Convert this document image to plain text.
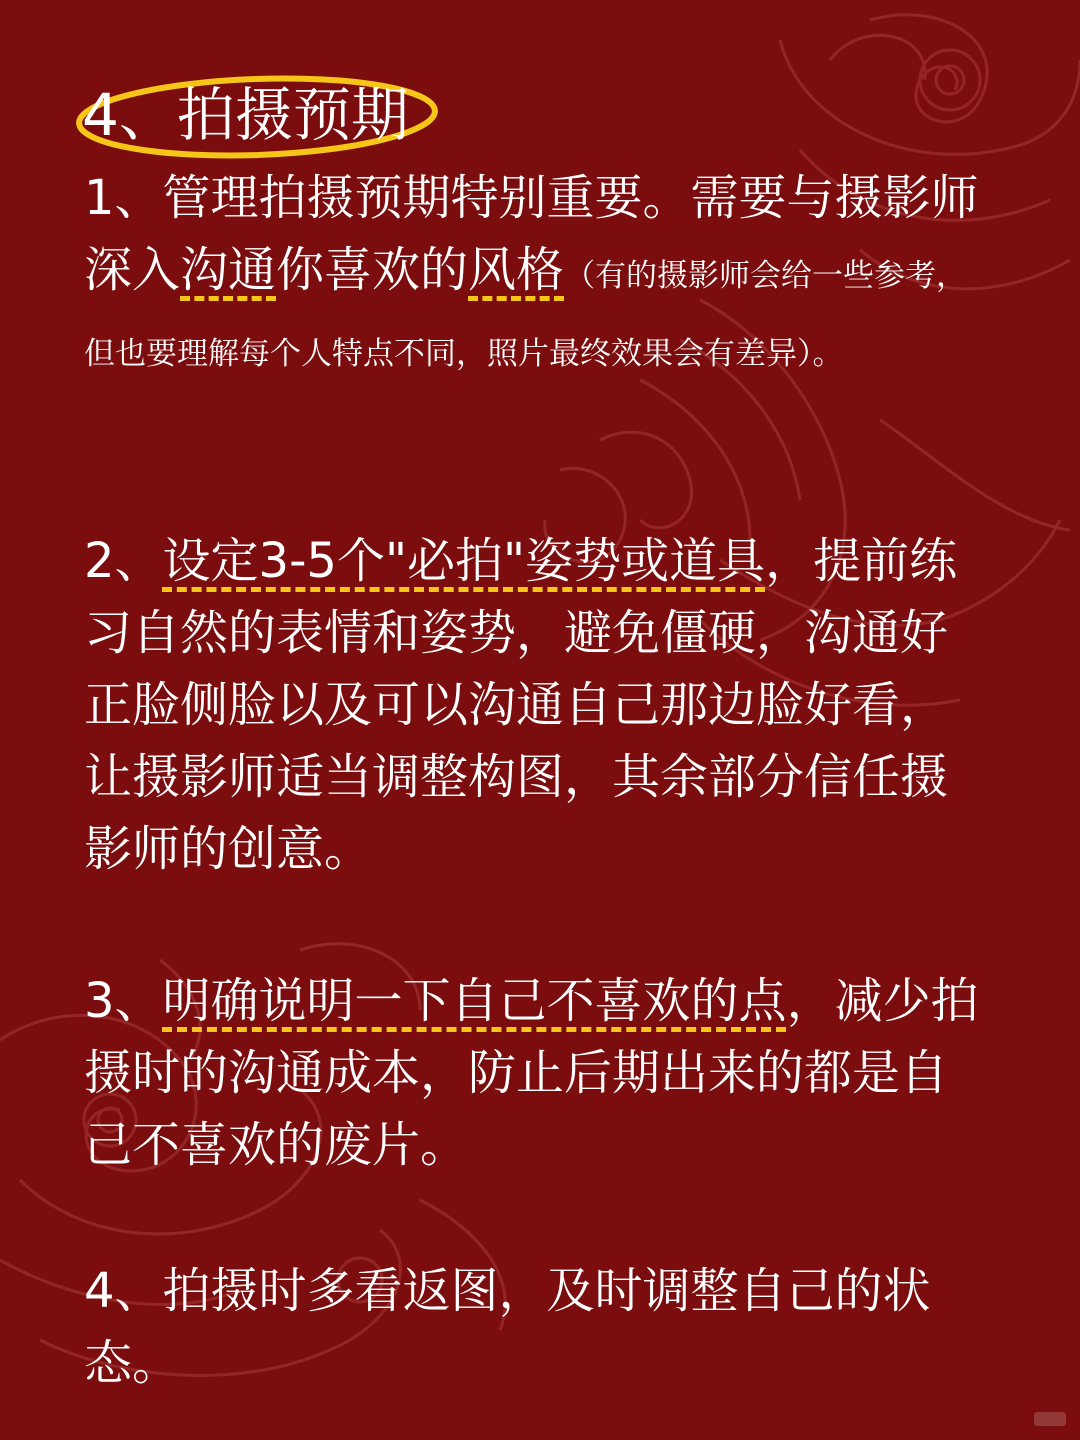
4、拍摄预期
1、管理拍摄预期特别重要。需要与摄影师深入沟通你喜欢的风格（有的摄影师会给一些参考，但也要理解每个人特点不同，照片最终效果会有差异）。
2、设定3-5个"必拍"姿势或道具，提前练习自然的表情和姿势，避免僵硬，沟通好正脸侧脸以及可以沟通自己那边脸好看，让摄影师适当调整构图，其余部分信任摄影师的创意。
3、明确说明一下自己不喜欢的点，减少拍摄时的沟通成本，防止后期出来的都是自己不喜欢的废片。
4、拍摄时多看返图，及时调整自己的状态。
